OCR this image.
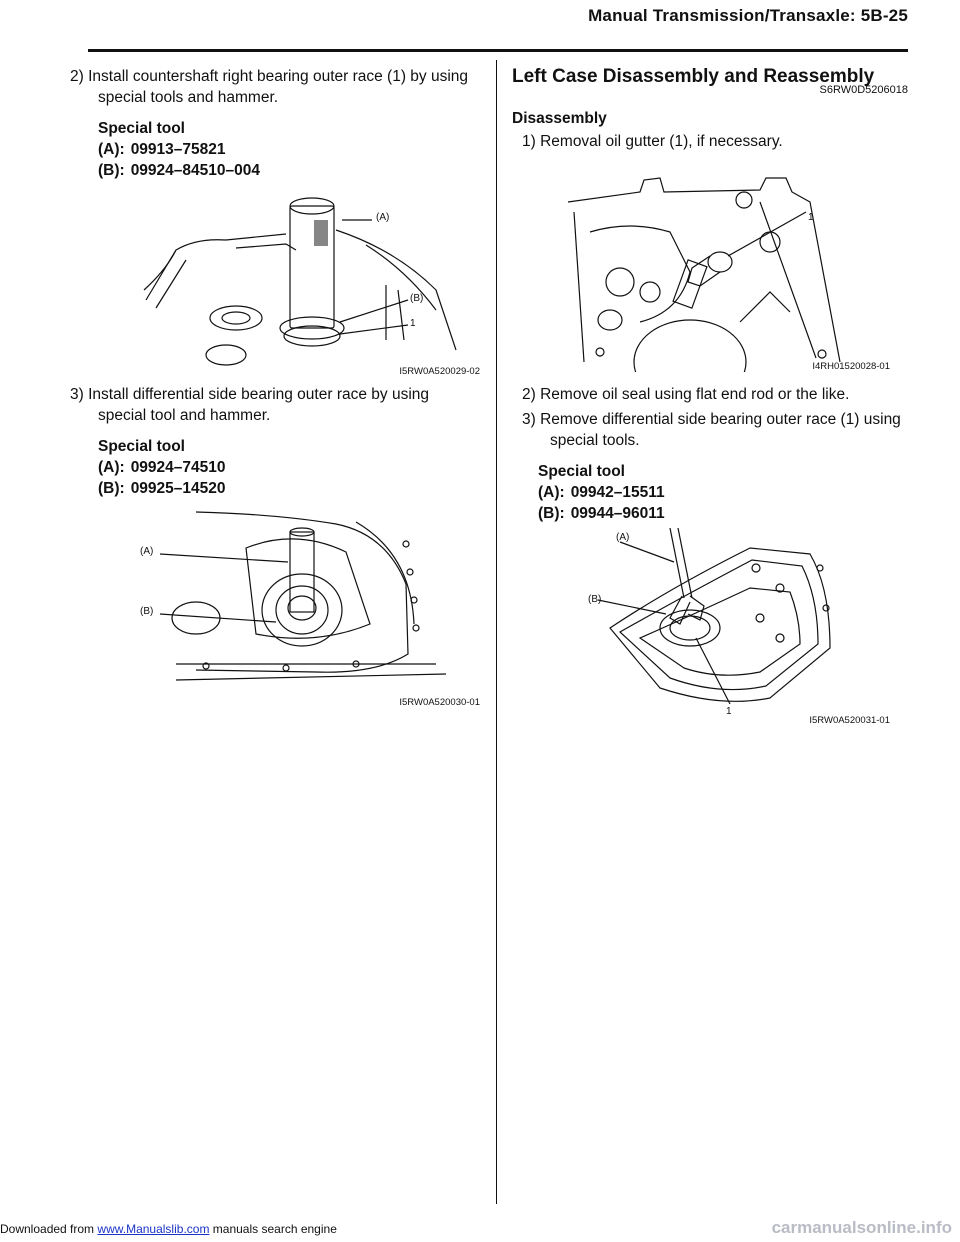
Manual Transmission/Transaxle: 5B-25

2) Install countershaft right bearing outer race (1) by using special tools and hammer.

Special tool

(A): 09913–75821

(B): 09924–84510–004

(A)
(B)
1
I5RW0A520029-02

3) Install differential side bearing outer race by using special tool and hammer.

Special tool

(A): 09924–74510

(B): 09925–14520

(A)
(B)
I5RW0A520030-01
Left Case Disassembly and Reassembly
S6RW0D5206018

Disassembly

1) Removal oil gutter (1), if necessary.

1
I4RH01520028-01

2) Remove oil seal using flat end rod or the like.

3) Remove differential side bearing outer race (1) using special tools.

Special tool

(A): 09942–15511

(B): 09944–96011

(A)
(B)
1
I5RW0A520031-01
Downloaded from www.Manualslib.com manuals search engine	carmanualsonline.info
